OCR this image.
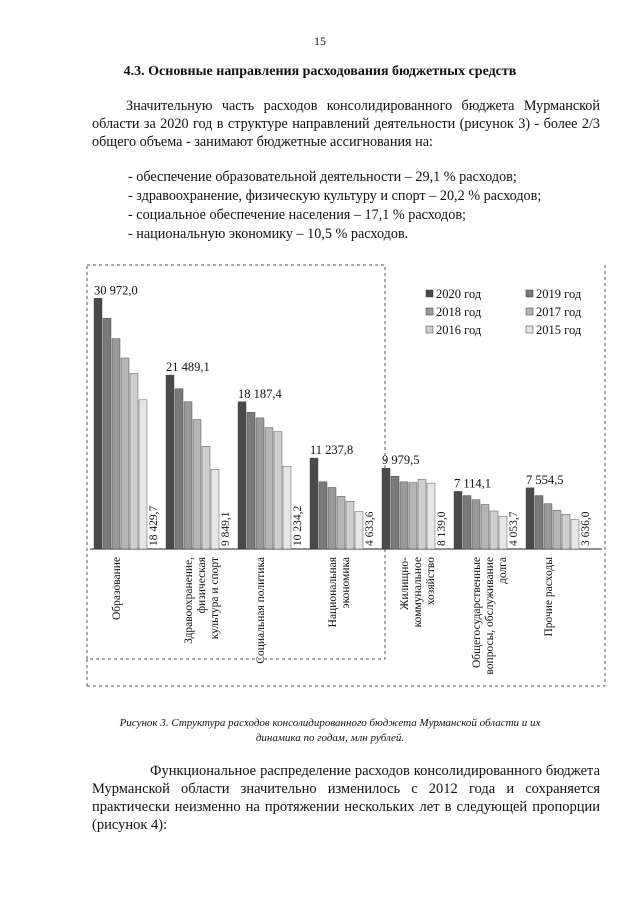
15
4.3. Основные направления расходования бюджетных средств

Значительную часть расходов консолидированного бюджета Мурманской области за 2020 год в структуре направлений деятельности (рисунок 3) - более 2/3 общего объема - занимают бюджетные ассигнования на:

- обеспечение образовательной деятельности – 29,1 % расходов;
- здравоохранение, физическую культуру и спорт – 20,2 % расходов;
- социальное обеспечение населения – 17,1 % расходов;
- национальную экономику – 10,5 % расходов.
30 972,0
18 429,7
Образование
21 489,1
9 849,1
Здравоохранение,физическаякультура и спорт
18 187,4
10 234,2
Социальная политика
11 237,8
4 633,6
Национальнаяэкономика
9 979,5
8 139,0
Жилищно-коммунальноехозяйство
7 114,1
4 053,7
Общегосударственныевопросы, обслуживаниедолга
7 554,5
3 636,0
Прочие расходы
2020 год	2019 год
2018 год	2017 год
2016 год	2015 год
Рисунок 3. Структура расходов консолидированного бюджета Мурманской области и их динамика по годам, млн рублей.

Функциональное распределение расходов консолидированного бюджета Мурманской области значительно изменилось с 2012 года и сохраняется практически неизменно на протяжении нескольких лет в следующей пропорции (рисунок 4):
